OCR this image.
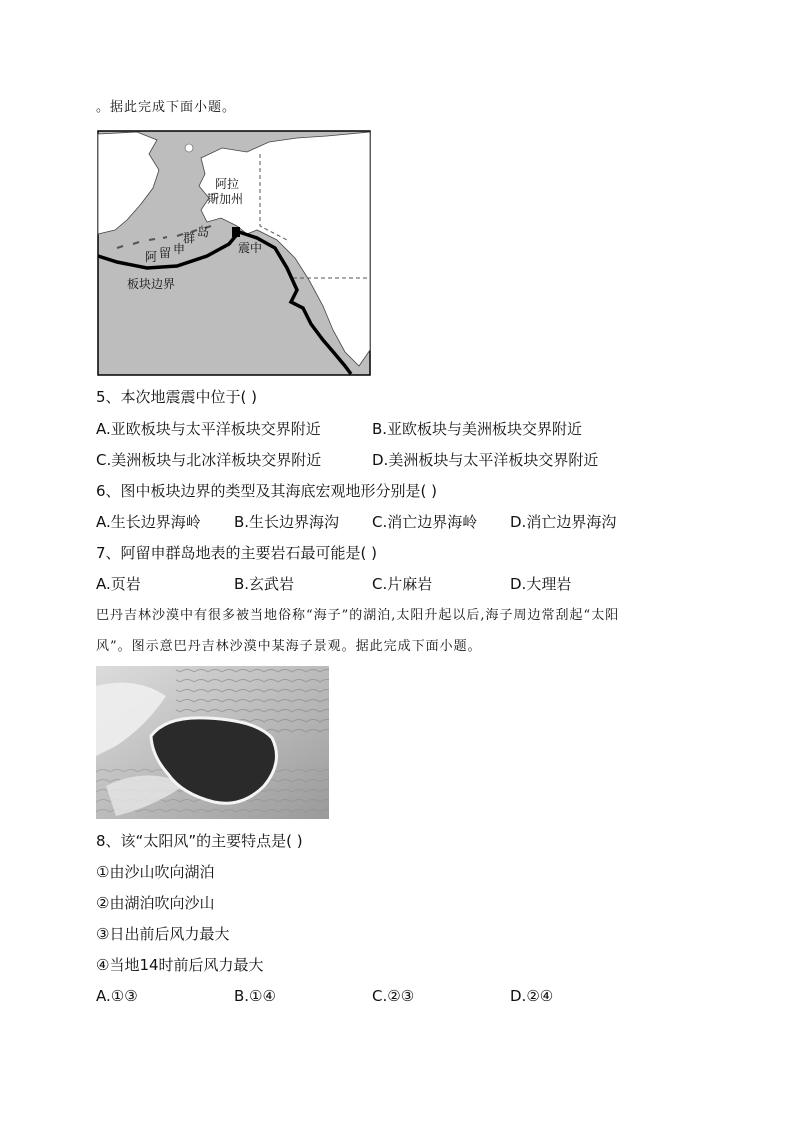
。据此完成下面小题。
阿拉
斯加州
阿 留 申
群 岛
震中
板块边界
5、本次地震震中位于( )
A.亚欧板块与太平洋板块交界附近	B.亚欧板块与美洲板块交界附近
C.美洲板块与北冰洋板块交界附近	D.美洲板块与太平洋板块交界附近
6、图中板块边界的类型及其海底宏观地形分别是( )
A.生长边界海岭 B.生长边界海沟 C.消亡边界海岭 D.消亡边界海沟
7、阿留申群岛地表的主要岩石最可能是( )
A.页岩	B.玄武岩	C.片麻岩	D.大理岩
巴丹吉林沙漠中有很多被当地俗称“海子”的湖泊,太阳升起以后,海子周边常刮起“太阳
风”。图示意巴丹吉林沙漠中某海子景观。据此完成下面小题。
8、该“太阳风”的主要特点是( )
①由沙山吹向湖泊
②由湖泊吹向沙山
③日出前后风力最大
④当地14时前后风力最大
A.①③	B.①④	C.②③	D.②④
